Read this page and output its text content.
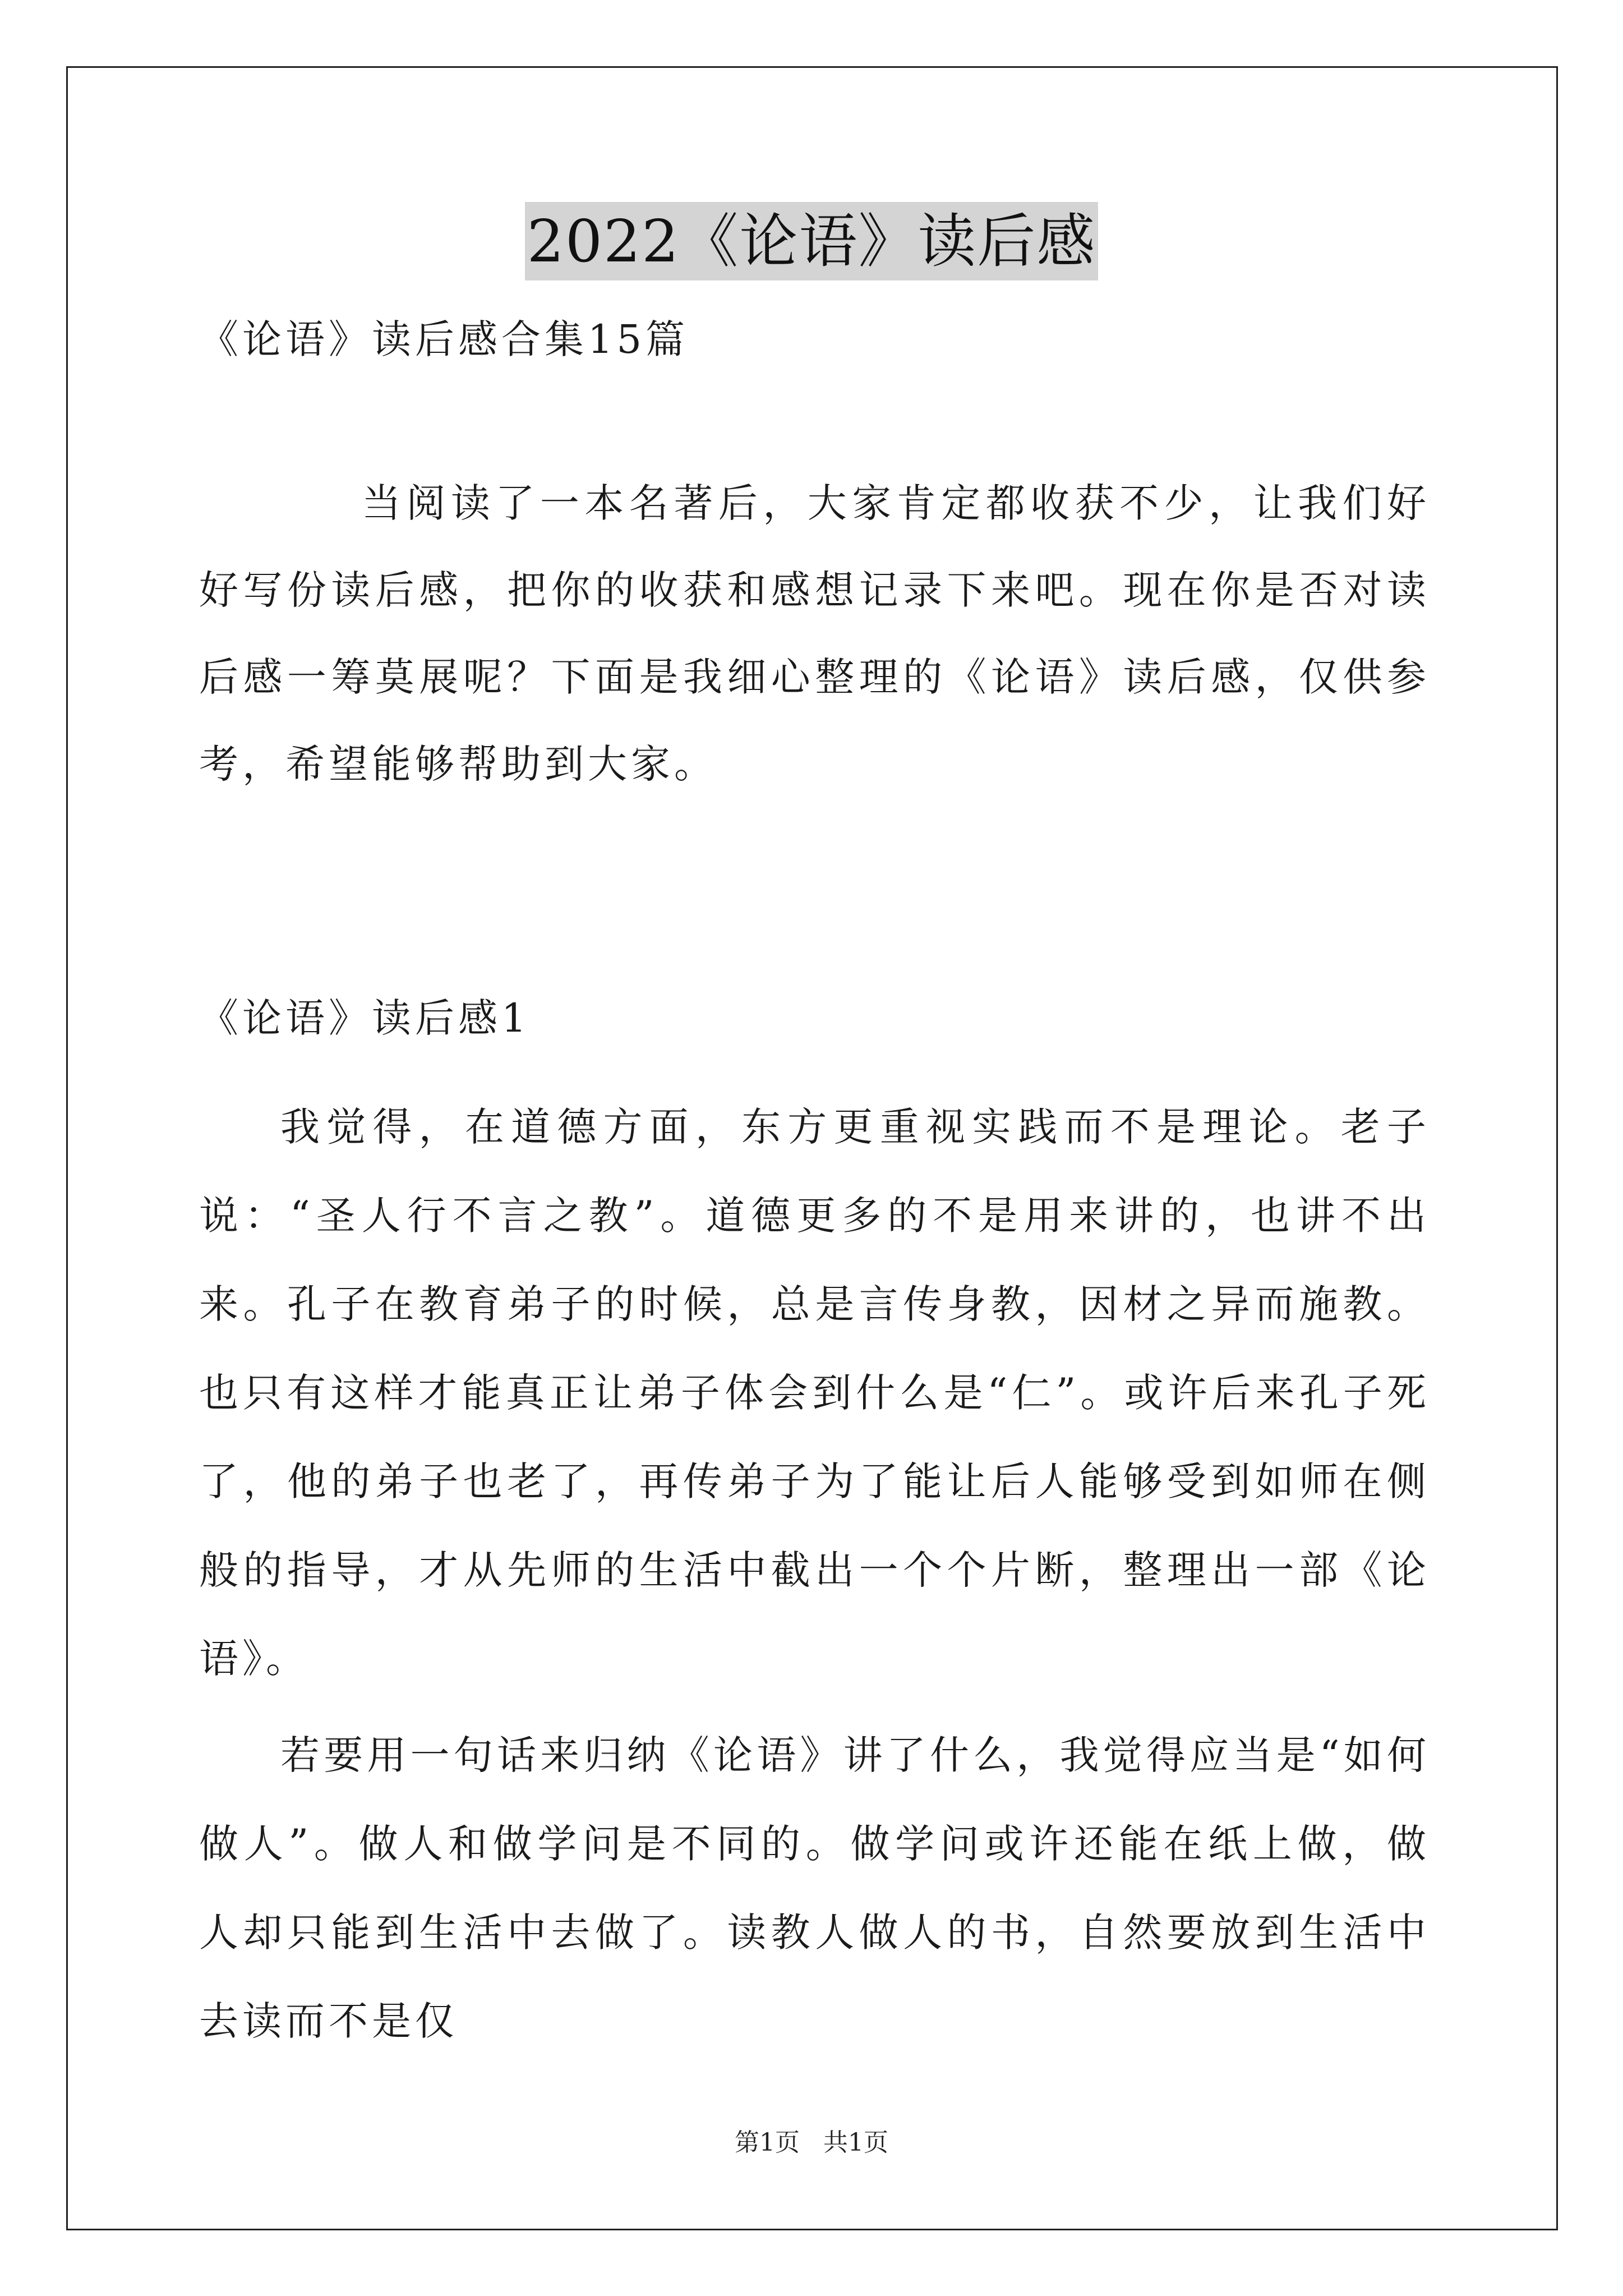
2022《论语》读后感
《论语》读后感合集15篇
当阅读了一本名著后，大家肯定都收获不少，让我们好好写份读后感，把你的收获和感想记录下来吧。现在你是否对读后感一筹莫展呢？下面是我细心整理的《论语》读后感，仅供参考，希望能够帮助到大家。
《论语》读后感1
我觉得，在道德方面，东方更重视实践而不是理论。老子说：“圣人行不言之教”。道德更多的不是用来讲的，也讲不出来。孔子在教育弟子的时候，总是言传身教，因材之异而施教。也只有这样才能真正让弟子体会到什么是“仁”。或许后来孔子死了，他的弟子也老了，再传弟子为了能让后人能够受到如师在侧般的指导，才从先师的生活中截出一个个片断，整理出一部《论语》。
若要用一句话来归纳《论语》讲了什么，我觉得应当是“如何做人”。做人和做学问是不同的。做学问或许还能在纸上做，做人却只能到生活中去做了。读教人做人的书，自然要放到生活中去读而不是仅
第1页 共1页
